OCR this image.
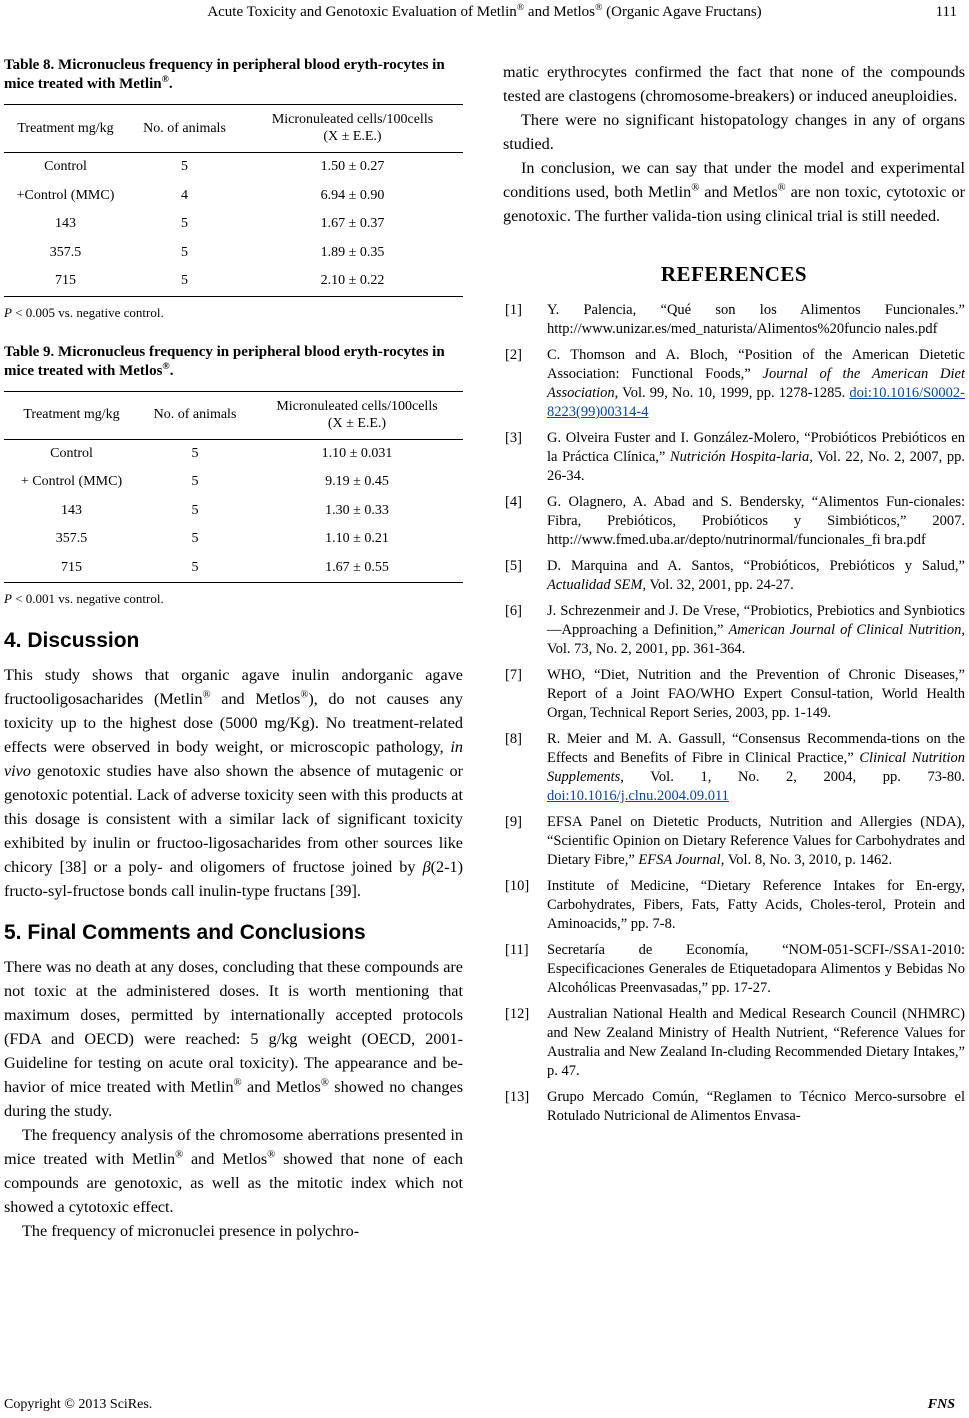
Acute Toxicity and Genotoxic Evaluation of Metlin® and Metlos® (Organic Agave Fructans)	111
Table 8. Micronucleus frequency in peripheral blood eryth-rocytes in mice treated with Metlin®.
Treatment mg/kg	No. of animals	Micronuleated cells/100cells
(X ± E.E.)
Control	5	1.50 ± 0.27
+Control (MMC)	4	6.94 ± 0.90
143	5	1.67 ± 0.37
357.5	5	1.89 ± 0.35
715	5	2.10 ± 0.22
P < 0.005 vs. negative control.
Table 9. Micronucleus frequency in peripheral blood eryth-rocytes in mice treated with Metlos®.
Treatment mg/kg	No. of animals	Micronuleated cells/100cells
(X ± E.E.)
Control	5	1.10 ± 0.031
+ Control (MMC)	5	9.19 ± 0.45
143	5	1.30 ± 0.33
357.5	5	1.10 ± 0.21
715	5	1.67 ± 0.55
P < 0.001 vs. negative control.
4. Discussion

This study shows that organic agave inulin andorganic agave fructooligosacharides (Metlin® and Metlos®), do not causes any toxicity up to the highest dose (5000 mg/Kg). No treatment-related effects were observed in body weight, or microscopic pathology, in vivo genotoxic studies have also shown the absence of mutagenic or genotoxic potential. Lack of adverse toxicity seen with this products at this dosage is consistent with a similar lack of significant toxicity exhibited by inulin or fructoo-ligosacharides from other sources like chicory [38] or a poly- and oligomers of fructose joined by β(2-1) fructo-syl-fructose bonds call inulin-type fructans [39].

5. Final Comments and Conclusions

There was no death at any doses, concluding that these compounds are not toxic at the administered doses. It is worth mentioning that maximum doses, permitted by internationally accepted protocols (FDA and OECD) were reached: 5 g/kg weight (OECD, 2001-Guideline for testing on acute oral toxicity). The appearance and be-havior of mice treated with Metlin® and Metlos® showed no changes during the study.

The frequency analysis of the chromosome aberrations presented in mice treated with Metlin® and Metlos® showed that none of each compounds are genotoxic, as well as the mitotic index which not showed a cytotoxic effect.

The frequency of micronuclei presence in polychro-

matic erythrocytes confirmed the fact that none of the compounds tested are clastogens (chromosome-breakers) or induced aneuploidies.

There were no significant histopatology changes in any of organs studied.

In conclusion, we can say that under the model and experimental conditions used, both Metlin® and Metlos® are non toxic, cytotoxic or genotoxic. The further valida-tion using clinical trial is still needed.

REFERENCES
[1] Y. Palencia, “Qué son los Alimentos Funcionales.” http://www.unizar.es/med_naturista/Alimentos%20funcio nales.pdf
[2] C. Thomson and A. Bloch, “Position of the American Dietetic Association: Functional Foods,” Journal of the American Diet Association, Vol. 99, No. 10, 1999, pp. 1278-1285. doi:10.1016/S0002-8223(99)00314-4
[3] G. Olveira Fuster and I. González-Molero, “Probióticos Prebióticos en la Práctica Clínica,” Nutrición Hospita-laria, Vol. 22, No. 2, 2007, pp. 26-34.
[4] G. Olagnero, A. Abad and S. Bendersky, “Alimentos Fun-cionales: Fibra, Prebióticos, Probióticos y Simbióticos,” 2007. http://www.fmed.uba.ar/depto/nutrinormal/funcionales_fi bra.pdf
[5] D. Marquina and A. Santos, “Probióticos, Prebióticos y Salud,” Actualidad SEM, Vol. 32, 2001, pp. 24-27.
[6] J. Schrezenmeir and J. De Vrese, “Probiotics, Prebiotics and Synbiotics—Approaching a Definition,” American Journal of Clinical Nutrition, Vol. 73, No. 2, 2001, pp. 361-364.
[7] WHO, “Diet, Nutrition and the Prevention of Chronic Diseases,” Report of a Joint FAO/WHO Expert Consul-tation, World Health Organ, Technical Report Series, 2003, pp. 1-149.
[8] R. Meier and M. A. Gassull, “Consensus Recommenda-tions on the Effects and Benefits of Fibre in Clinical Practice,” Clinical Nutrition Supplements, Vol. 1, No. 2, 2004, pp. 73-80. doi:10.1016/j.clnu.2004.09.011
[9] EFSA Panel on Dietetic Products, Nutrition and Allergies (NDA), “Scientific Opinion on Dietary Reference Values for Carbohydrates and Dietary Fibre,” EFSA Journal, Vol. 8, No. 3, 2010, p. 1462.
[10] Institute of Medicine, “Dietary Reference Intakes for En-ergy, Carbohydrates, Fibers, Fats, Fatty Acids, Choles-terol, Protein and Aminoacids,” pp. 7-8.
[11] Secretaría de Economía, “NOM-051-SCFI-/SSA1-2010: Especificaciones Generales de Etiquetadopara Alimentos y Bebidas No Alcohólicas Preenvasadas,” pp. 17-27.
[12] Australian National Health and Medical Research Council (NHMRC) and New Zealand Ministry of Health Nutrient, “Reference Values for Australia and New Zealand In-cluding Recommended Dietary Intakes,” p. 47.
[13] Grupo Mercado Común, “Reglamen to Técnico Merco-sursobre el Rotulado Nutricional de Alimentos Envasa-
Copyright © 2013 SciRes.	FNS
